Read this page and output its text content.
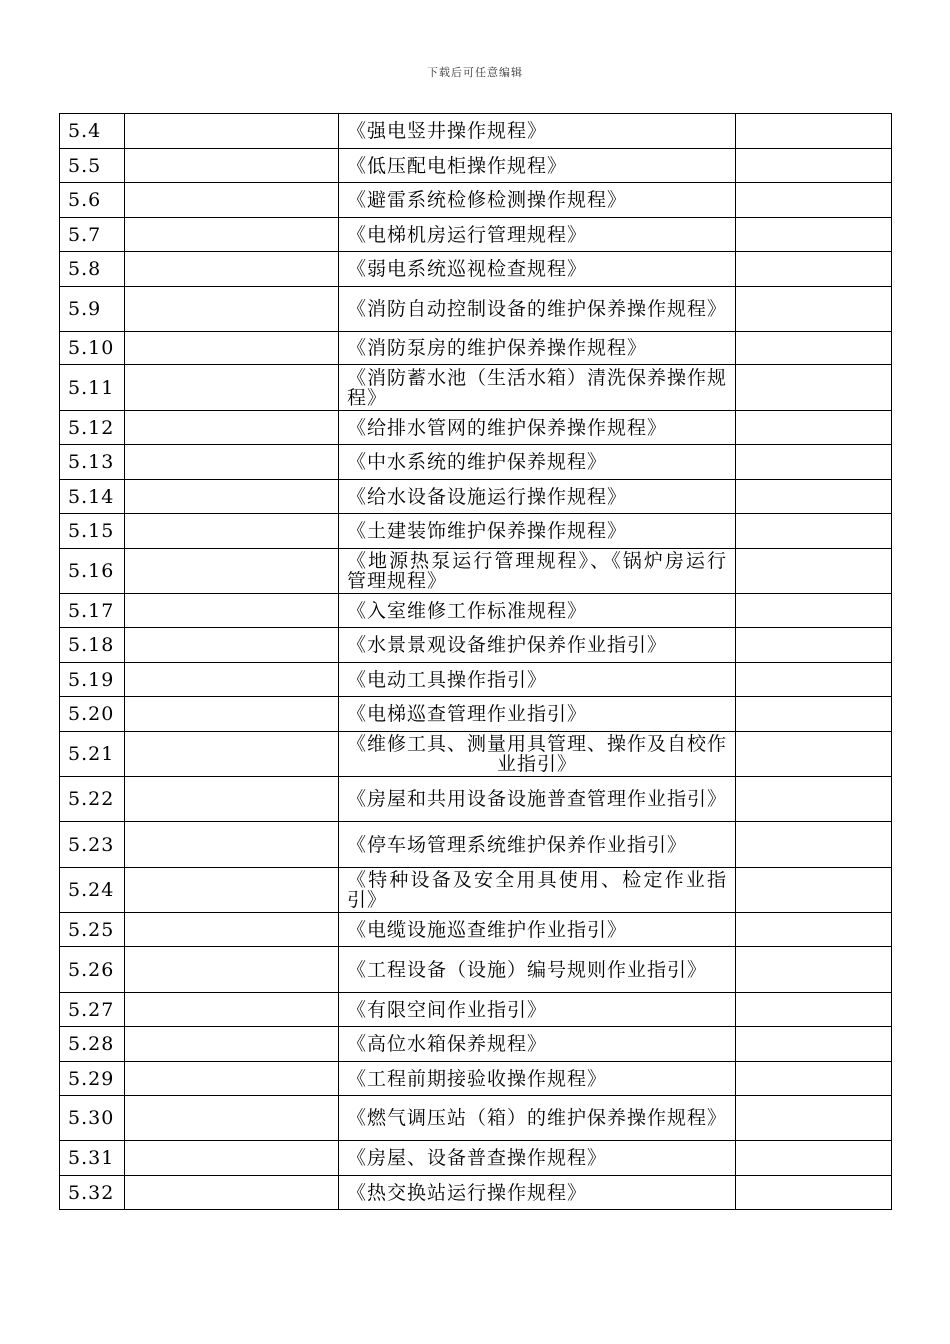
下载后可任意编辑
5.4		《强电竖井操作规程》	
5.5		《低压配电柜操作规程》	
5.6		《避雷系统检修检测操作规程》	
5.7		《电梯机房运行管理规程》	
5.8		《弱电系统巡视检查规程》	
5.9		《消防自动控制设备的维护保养操作规程》	
5.10		《消防泵房的维护保养操作规程》	
5.11		《消防蓄水池（生活水箱）清洗保养操作规程》	
5.12		《给排水管网的维护保养操作规程》	
5.13		《中水系统的维护保养规程》	
5.14		《给水设备设施运行操作规程》	
5.15		《土建装饰维护保养操作规程》	
5.16		《地源热泵运行管理规程》、《锅炉房运行管理规程》	
5.17		《入室维修工作标准规程》	
5.18		《水景景观设备维护保养作业指引》	
5.19		《电动工具操作指引》	
5.20		《电梯巡查管理作业指引》	
5.21		《维修工具、测量用具管理、操作及自校作业指引》	
5.22		《房屋和共用设备设施普查管理作业指引》	
5.23		《停车场管理系统维护保养作业指引》	
5.24		《特种设备及安全用具使用、检定作业指引》	
5.25		《电缆设施巡查维护作业指引》	
5.26		《工程设备（设施）编号规则作业指引》	
5.27		《有限空间作业指引》	
5.28		《高位水箱保养规程》	
5.29		《工程前期接验收操作规程》	
5.30		《燃气调压站（箱）的维护保养操作规程》	
5.31		《房屋、设备普查操作规程》	
5.32		《热交换站运行操作规程》	
